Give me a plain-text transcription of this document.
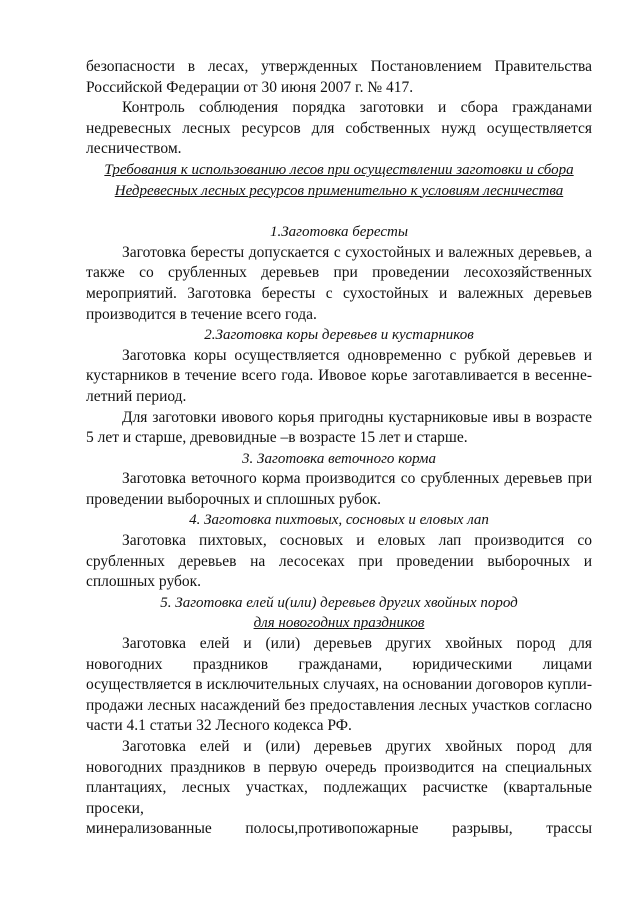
безопасности в лесах, утвержденных Постановлением Правительства

Российской Федерации от 30 июня 2007 г. № 417.

Контроль соблюдения порядка заготовки и сбора гражданами недревесных лесных ресурсов для собственных нужд осуществляется лесничеством.

Требования к использованию лесов при осуществлении заготовки и сбора

Недревесных лесных ресурсов применительно к условиям лесничества

1.Заготовка бересты

Заготовка бересты допускается с сухостойных и валежных деревьев, а также со срубленных деревьев при проведении лесохозяйственных мероприятий. Заготовка бересты с сухостойных и валежных деревьев производится в течение всего года.

2.Заготовка коры деревьев и кустарников

Заготовка коры осуществляется одновременно с рубкой деревьев и кустарников в течение всего года. Ивовое корье заготавливается в весенне-летний период.

Для заготовки ивового корья пригодны кустарниковые ивы в возрасте 5 лет и старше, древовидные –в возрасте 15 лет и старше.

3. Заготовка веточного корма

Заготовка веточного корма производится со срубленных деревьев при проведении выборочных и сплошных рубок.

4. Заготовка пихтовых, сосновых и еловых лап

Заготовка пихтовых, сосновых и еловых лап производится со срубленных деревьев на лесосеках при проведении выборочных и сплошных рубок.

5. Заготовка елей и(или) деревьев других хвойных пород

для новогодних праздников

Заготовка елей и (или) деревьев других хвойных пород для новогодних праздников гражданами, юридическими лицами осуществляется в исключительных случаях, на основании договоров купли-продажи лесных насаждений без предоставления лесных участков согласно части 4.1 статьи 32 Лесного кодекса РФ.

Заготовка елей и (или) деревьев других хвойных пород для новогодних праздников в первую очередь производится на специальных плантациях, лесных участках, подлежащих расчистке (квартальные просеки,

минерализованные полосы,противопожарные разрывы, трассы
